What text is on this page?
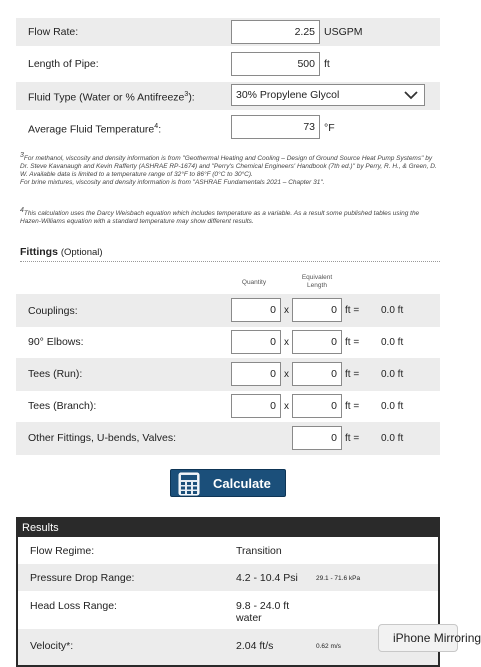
Flow Rate:	2.25 USGPM
Length of Pipe:	500 ft
Fluid Type (Water or % Antifreeze$^3$):	30% Propylene Glycol
Average Fluid Temperature$^4$:	73 °F
$^3$For methanol, viscosity and density information is from "Geothermal Heating and Cooling – Design of Ground Source Heat Pump Systems" by Dr. Steve Kavanaugh and Kevin Rafferty (ASHRAE RP-1674) and "Perry's Chemical Engineers' Handbook (7th ed.)" by Perry, R. H., & Green, D. W. Available data is limited to a temperature range of 32°F to 86°F (0°C to 30°C).
For brine mixtures, viscosity and density information is from "ASHRAE Fundamentals 2021 – Chapter 31".
$^4$This calculation uses the Darcy Weisbach equation which includes temperature as a variable. As a result some published tables using the Hazen-Williams equation with a standard temperature may show different results.
Fittings (Optional)
Quantity
Equivalent
Length
Couplings:	0 x	0 ft = 0.0 ft
90° Elbows:	0 x	0 ft = 0.0 ft
Tees (Run):	0 x	0 ft = 0.0 ft
Tees (Branch):	0 x	0 ft = 0.0 ft
Other Fittings, U-bends, Valves:	0 ft = 0.0 ft
Calculate
Results
Flow Regime:	Transition
Pressure Drop Range:	4.2 - 10.4 Psi	29.1 - 71.6 kPa
Head Loss Range:	9.8 - 24.0 ft
water
Velocity*:	2.04 ft/s	0.62 m/s
iPhone Mirroring
